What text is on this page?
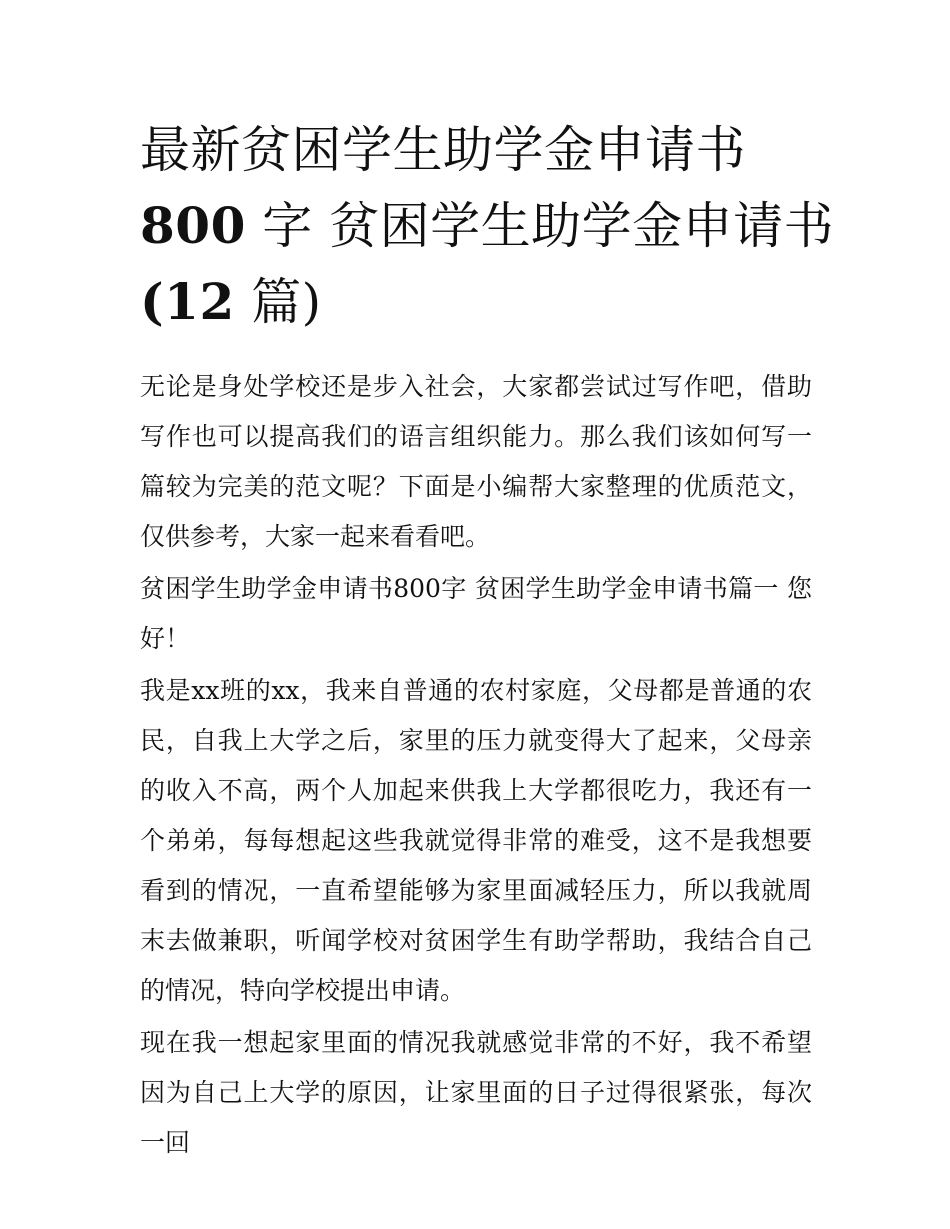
最新贫困学生助学金申请书
800 字 贫困学生助学金申请书
(12 篇)

无论是身处学校还是步入社会，大家都尝试过写作吧，借助写作也可以提高我们的语言组织能力。那么我们该如何写一篇较为完美的范文呢？下面是小编帮大家整理的优质范文，仅供参考，大家一起来看看吧。

贫困学生助学金申请书800字 贫困学生助学金申请书篇一 您好！

我是xx班的xx，我来自普通的农村家庭，父母都是普通的农民，自我上大学之后，家里的压力就变得大了起来，父母亲的收入不高，两个人加起来供我上大学都很吃力，我还有一个弟弟，每每想起这些我就觉得非常的难受，这不是我想要看到的情况，一直希望能够为家里面减轻压力，所以我就周末去做兼职，听闻学校对贫困学生有助学帮助，我结合自己的情况，特向学校提出申请。

现在我一想起家里面的情况我就感觉非常的不好，我不希望因为自己上大学的原因，让家里面的日子过得很紧张，每次一回
